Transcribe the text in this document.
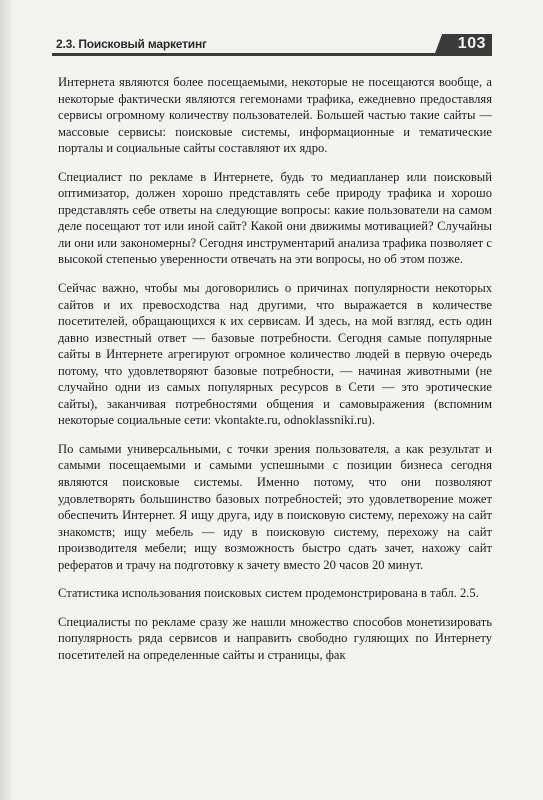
2.3. Поисковый маркетинг	103

Интернета являются более посещаемыми, некоторые не посещаются вообще, а некоторые фактически являются гегемонами трафика, ежедневно предоставляя сервисы огромному количеству пользователей. Большей частью такие сайты — массовые сервисы: поисковые системы, информационные и тематические порталы и социальные сайты составляют их ядро.

Специалист по рекламе в Интернете, будь то медиапланер или поисковый оптимизатор, должен хорошо представлять себе природу трафика и хорошо представлять себе ответы на следующие вопросы: какие пользователи на самом деле посещают тот или иной сайт? Какой они движимы мотивацией? Случайны ли они или закономерны? Сегодня инструментарий анализа трафика позволяет с высокой степенью уверенности отвечать на эти вопросы, но об этом позже.

Сейчас важно, чтобы мы договорились о причинах популярности некоторых сайтов и их превосходства над другими, что выражается в количестве посетителей, обращающихся к их сервисам. И здесь, на мой взгляд, есть один давно известный ответ — базовые потребности. Сегодня самые популярные сайты в Интернете агрегируют огромное количество людей в первую очередь потому, что удовлетворяют базовые потребности, — начиная животными (не случайно одни из самых популярных ресурсов в Сети — это эротические сайты), заканчивая потребностями общения и самовыражения (вспомним некоторые социальные сети: vkontakte.ru, odnoklassniki.ru).

По самыми универсальными, с точки зрения пользователя, а как результат и самыми посещаемыми и самыми успешными с позиции бизнеса сегодня являются поисковые системы. Именно потому, что они позволяют удовлетворять большинство базовых потребностей; это удовлетворение может обеспечить Интернет. Я ищу друга, иду в поисковую систему, перехожу на сайт знакомств; ищу мебель — иду в поисковую систему, перехожу на сайт производителя мебели; ищу возможность быстро сдать зачет, нахожу сайт рефератов и трачу на подготовку к зачету вместо 20 часов 20 минут.

Статистика использования поисковых систем продемонстрирована в табл. 2.5.

Специалисты по рекламе сразу же нашли множество способов монетизировать популярность ряда сервисов и направить свободно гуляющих по Интернету посетителей на определенные сайты и страницы, фак
